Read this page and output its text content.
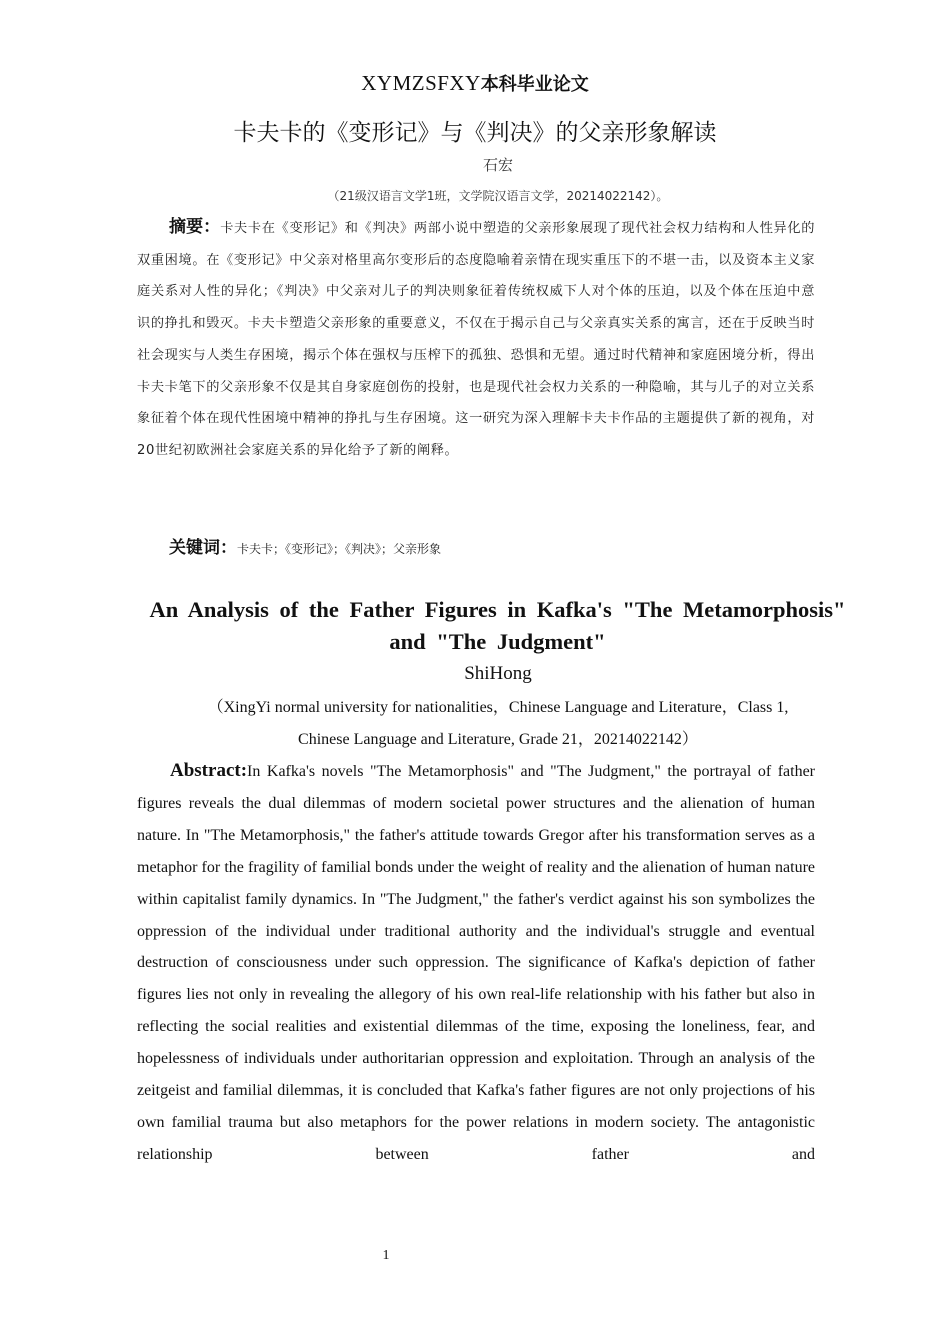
XYMZSFXY本科毕业论文
卡夫卡的《变形记》与《判决》的父亲形象解读
石宏
（21级汉语言文学1班，文学院汉语言文学，20214022142）。
摘要：卡夫卡在《变形记》和《判决》两部小说中塑造的父亲形象展现了现代社会权力结构和人性异化的双重困境。在《变形记》中父亲对格里高尔变形后的态度隐喻着亲情在现实重压下的不堪一击，以及资本主义家庭关系对人性的异化；《判决》中父亲对儿子的判决则象征着传统权威下人对个体的压迫，以及个体在压迫中意识的挣扎和毁灭。卡夫卡塑造父亲形象的重要意义，不仅在于揭示自己与父亲真实关系的寓言，还在于反映当时社会现实与人类生存困境，揭示个体在强权与压榨下的孤独、恐惧和无望。通过时代精神和家庭困境分析，得出卡夫卡笔下的父亲形象不仅是其自身家庭创伤的投射，也是现代社会权力关系的一种隐喻，其与儿子的对立关系象征着个体在现代性困境中精神的挣扎与生存困境。这一研究为深入理解卡夫卡作品的主题提供了新的视角，对20世纪初欧洲社会家庭关系的异化给予了新的阐释。
关键词：卡夫卡；《变形记》；《判决》；父亲形象
An Analysis of the Father Figures in Kafka's "The Metamorphosis" and "The Judgment"
ShiHong
（XingYi normal university for nationalities，Chinese Language and Literature，Class 1, Chinese Language and Literature, Grade 21，20214022142）
Abstract:In Kafka's novels "The Metamorphosis" and "The Judgment," the portrayal of father figures reveals the dual dilemmas of modern societal power structures and the alienation of human nature. In "The Metamorphosis," the father's attitude towards Gregor after his transformation serves as a metaphor for the fragility of familial bonds under the weight of reality and the alienation of human nature within capitalist family dynamics. In "The Judgment," the father's verdict against his son symbolizes the oppression of the individual under traditional authority and the individual's struggle and eventual destruction of consciousness under such oppression. The significance of Kafka's depiction of father figures lies not only in revealing the allegory of his own real-life relationship with his father but also in reflecting the social realities and existential dilemmas of the time, exposing the loneliness, fear, and hopelessness of individuals under authoritarian oppression and exploitation. Through an analysis of the zeitgeist and familial dilemmas, it is concluded that Kafka's father figures are not only projections of his own familial trauma but also metaphors for the power relations in modern society. The antagonistic relationship between father and
1
